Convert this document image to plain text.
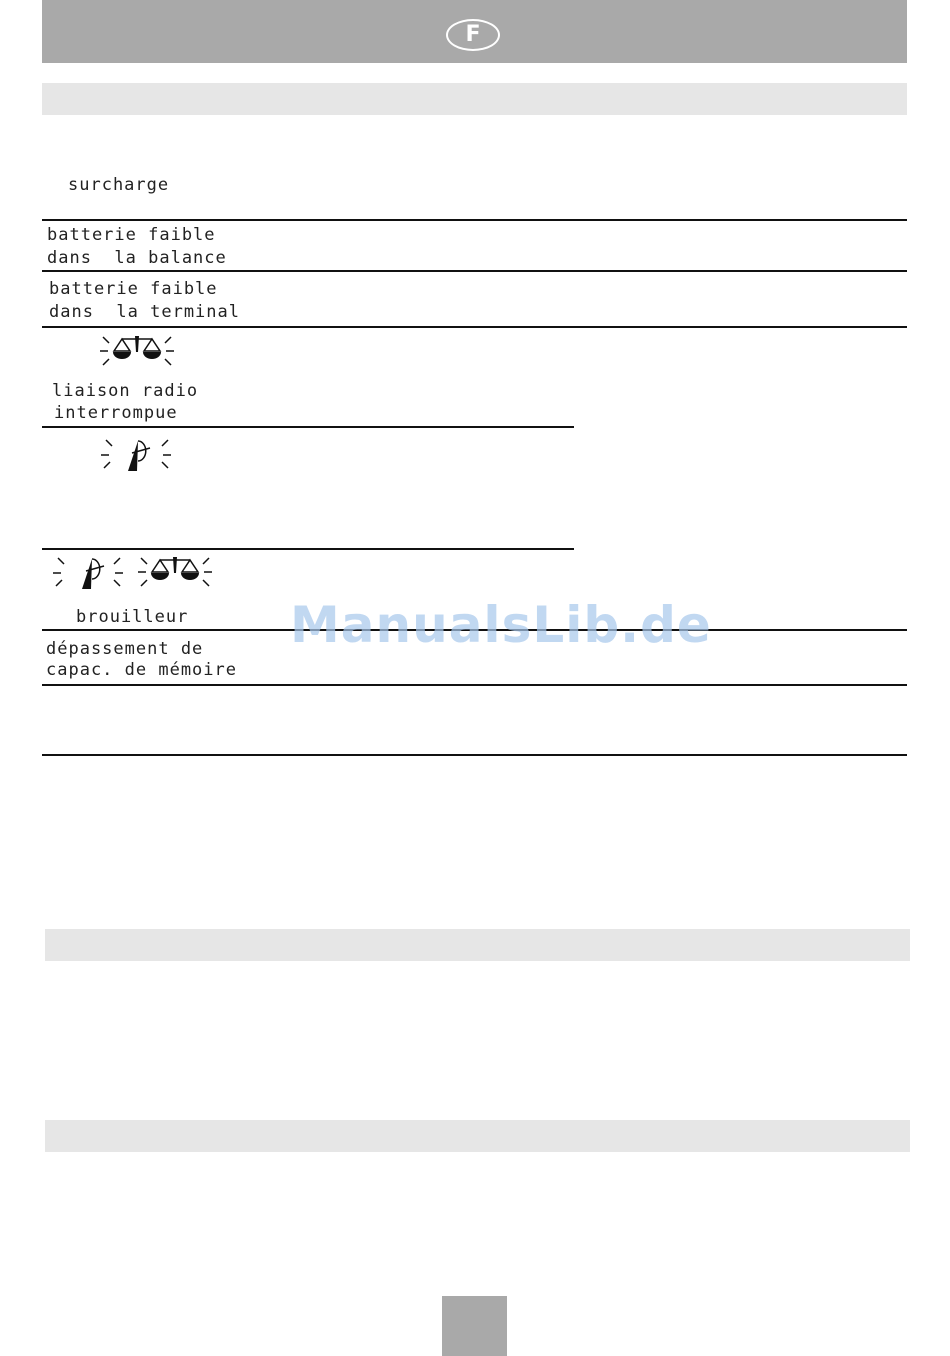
F
surcharge
batterie faible
dans  la balance
batterie faible
dans  la terminal
liaison radio
interrompue
brouilleur
dépassement de
capac. de mémoire
ManualsLib.de
